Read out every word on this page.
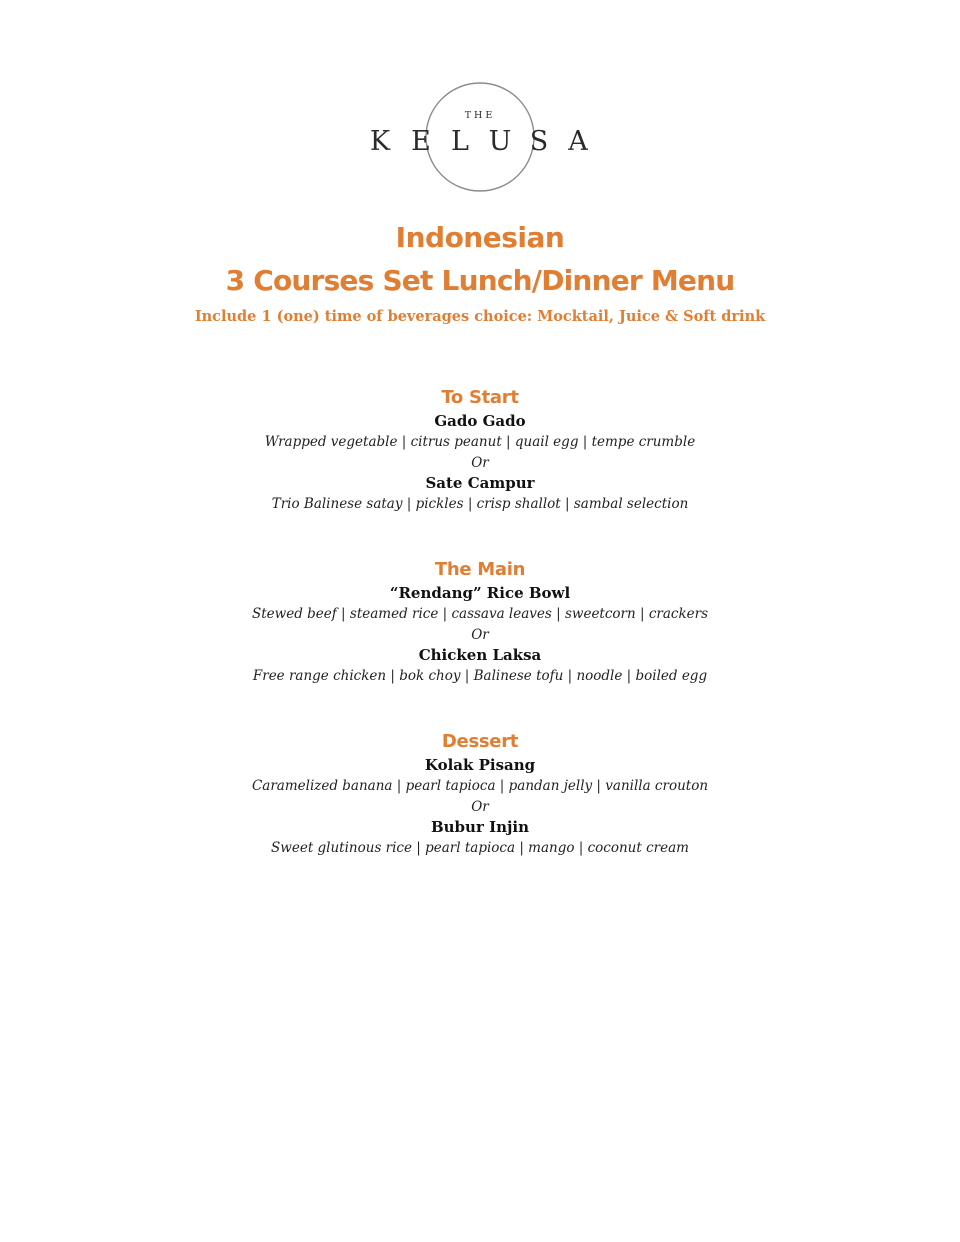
THE
K E L U S A
Indonesian
3 Courses Set Lunch/Dinner Menu
Include 1 (one) time of beverages choice: Mocktail, Juice & Soft drink
To Start
Gado Gado
Wrapped vegetable | citrus peanut | quail egg | tempe crumble
Or
Sate Campur
Trio Balinese satay | pickles | crisp shallot | sambal selection
The Main
“Rendang” Rice Bowl
Stewed beef | steamed rice | cassava leaves | sweetcorn | crackers
Or
Chicken Laksa
Free range chicken | bok choy | Balinese tofu | noodle | boiled egg
Dessert
Kolak Pisang
Caramelized banana | pearl tapioca | pandan jelly | vanilla crouton
Or
Bubur Injin
Sweet glutinous rice | pearl tapioca | mango | coconut cream
